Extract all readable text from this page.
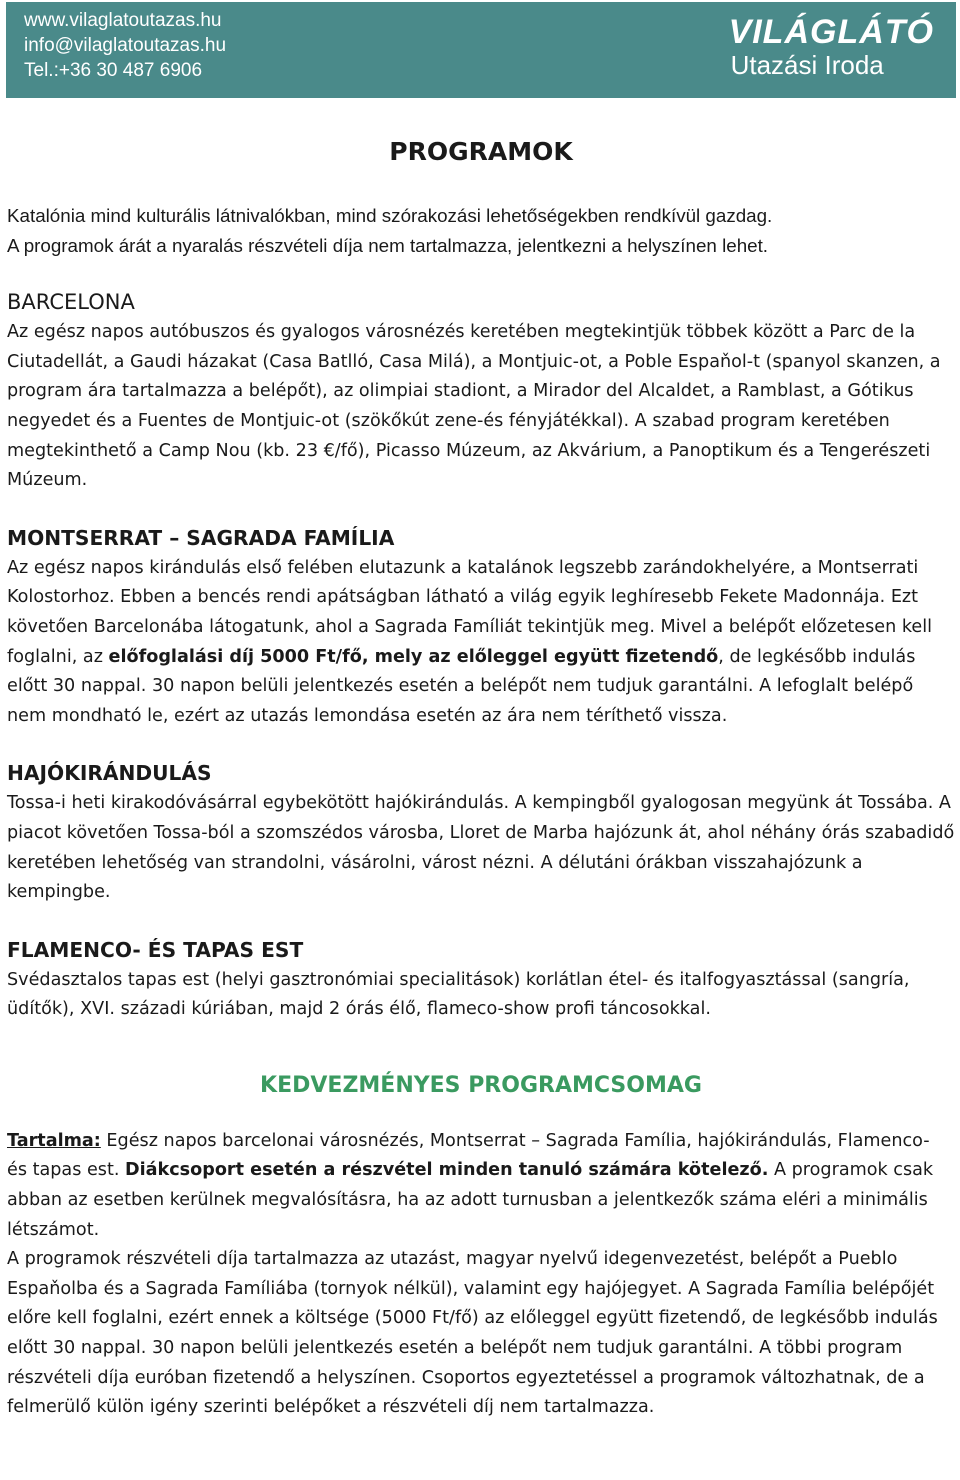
www.vilaglatoutazas.hu
info@vilaglatoutazas.hu
Tel.:+36 30 487 6906
VILÁGLÁTÓ
Utazási Iroda
PROGRAMOK

Katalónia mind kulturális látnivalókban, mind szórakozási lehetőségekben rendkívül gazdag.

A programok árát a nyaralás részvételi díja nem tartalmazza, jelentkezni a helyszínen lehet.

BARCELONA

Az egész napos autóbuszos és gyalogos városnézés keretében megtekintjük többek között a Parc de la Ciutadellát, a Gaudi házakat (Casa Batlló, Casa Milá), a Montjuic-ot, a Poble Espaňol-t (spanyol skanzen, a program ára tartalmazza a belépőt), az olimpiai stadiont, a Mirador del Alcaldet, a Ramblast, a Gótikus negyedet és a Fuentes de Montjuic-ot (szökőkút zene-és fényjátékkal). A szabad program keretében megtekinthető a Camp Nou (kb. 23 €/fő), Picasso Múzeum, az Akvárium, a Panoptikum és a Tengerészeti Múzeum.

MONTSERRAT – SAGRADA FAMÍLIA

Az egész napos kirándulás első felében elutazunk a katalánok legszebb zarándokhelyére, a Montserrati Kolostorhoz. Ebben a bencés rendi apátságban látható a világ egyik leghíresebb Fekete Madonnája. Ezt követően Barcelonába látogatunk, ahol a Sagrada Famíliát tekintjük meg. Mivel a belépőt előzetesen kell foglalni, az előfoglalási díj 5000 Ft/fő, mely az előleggel együtt fizetendő, de legkésőbb indulás előtt 30 nappal. 30 napon belüli jelentkezés esetén a belépőt nem tudjuk garantálni. A lefoglalt belépő nem mondható le, ezért az utazás lemondása esetén az ára nem téríthető vissza.

HAJÓKIRÁNDULÁS

Tossa-i heti kirakodóvásárral egybekötött hajókirándulás. A kempingből gyalogosan megyünk át Tossába. A piacot követően Tossa-ból a szomszédos városba, Lloret de Marba hajózunk át, ahol néhány órás szabadidő keretében lehetőség van strandolni, vásárolni, várost nézni. A délutáni órákban visszahajózunk a kempingbe.

FLAMENCO- ÉS TAPAS EST

Svédasztalos tapas est (helyi gasztronómiai specialitások) korlátlan étel- és italfogyasztással (sangría, üdítők), XVI. századi kúriában, majd 2 órás élő, flameco-show profi táncosokkal.

KEDVEZMÉNYES PROGRAMCSOMAG

Tartalma: Egész napos barcelonai városnézés, Montserrat – Sagrada Família, hajókirándulás, Flamenco- és tapas est. Diákcsoport esetén a részvétel minden tanuló számára kötelező. A programok csak abban az esetben kerülnek megvalósításra, ha az adott turnusban a jelentkezők száma eléri a minimális létszámot.

A programok részvételi díja tartalmazza az utazást, magyar nyelvű idegenvezetést, belépőt a Pueblo Espaňolba és a Sagrada Famíliába (tornyok nélkül), valamint egy hajójegyet. A Sagrada Família belépőjét előre kell foglalni, ezért ennek a költsége (5000 Ft/fő) az előleggel együtt fizetendő, de legkésőbb indulás előtt 30 nappal. 30 napon belüli jelentkezés esetén a belépőt nem tudjuk garantálni. A többi program részvételi díja euróban fizetendő a helyszínen. Csoportos egyeztetéssel a programok változhatnak, de a felmerülő külön igény szerinti belépőket a részvételi díj nem tartalmazza.
